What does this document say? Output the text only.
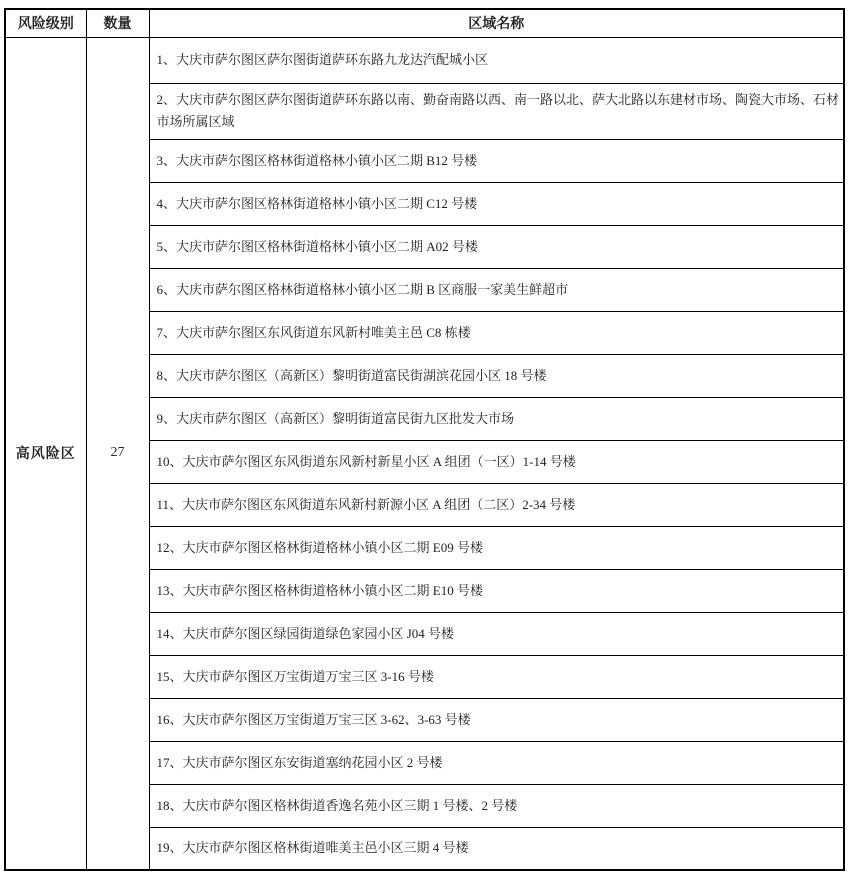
风险级别	数量	区域名称
高风险区	27	1、大庆市萨尔图区萨尔图街道萨环东路九龙达汽配城小区
		2、大庆市萨尔图区萨尔图街道萨环东路以南、勤奋南路以西、南一路以北、萨大北路以东建材市场、陶瓷大市场、石材市场所属区域
		3、大庆市萨尔图区格林街道格林小镇小区二期 B12 号楼
		4、大庆市萨尔图区格林街道格林小镇小区二期 C12 号楼
		5、大庆市萨尔图区格林街道格林小镇小区二期 A02 号楼
		6、大庆市萨尔图区格林街道格林小镇小区二期 B 区商服一家美生鲜超市
		7、大庆市萨尔图区东风街道东风新村唯美主邑 C8 栋楼
		8、大庆市萨尔图区（高新区）黎明街道富民街湖滨花园小区 18 号楼
		9、大庆市萨尔图区（高新区）黎明街道富民街九区批发大市场
		10、大庆市萨尔图区东风街道东风新村新星小区 A 组团（一区）1-14 号楼
		11、大庆市萨尔图区东风街道东风新村新源小区 A 组团（二区）2-34 号楼
		12、大庆市萨尔图区格林街道格林小镇小区二期 E09 号楼
		13、大庆市萨尔图区格林街道格林小镇小区二期 E10 号楼
		14、大庆市萨尔图区绿园街道绿色家园小区 J04 号楼
		15、大庆市萨尔图区万宝街道万宝三区 3-16 号楼
		16、大庆市萨尔图区万宝街道万宝三区 3-62、3-63 号楼
		17、大庆市萨尔图区东安街道塞纳花园小区 2 号楼
		18、大庆市萨尔图区格林街道香逸名苑小区三期 1 号楼、2 号楼
		19、大庆市萨尔图区格林街道唯美主邑小区三期 4 号楼
